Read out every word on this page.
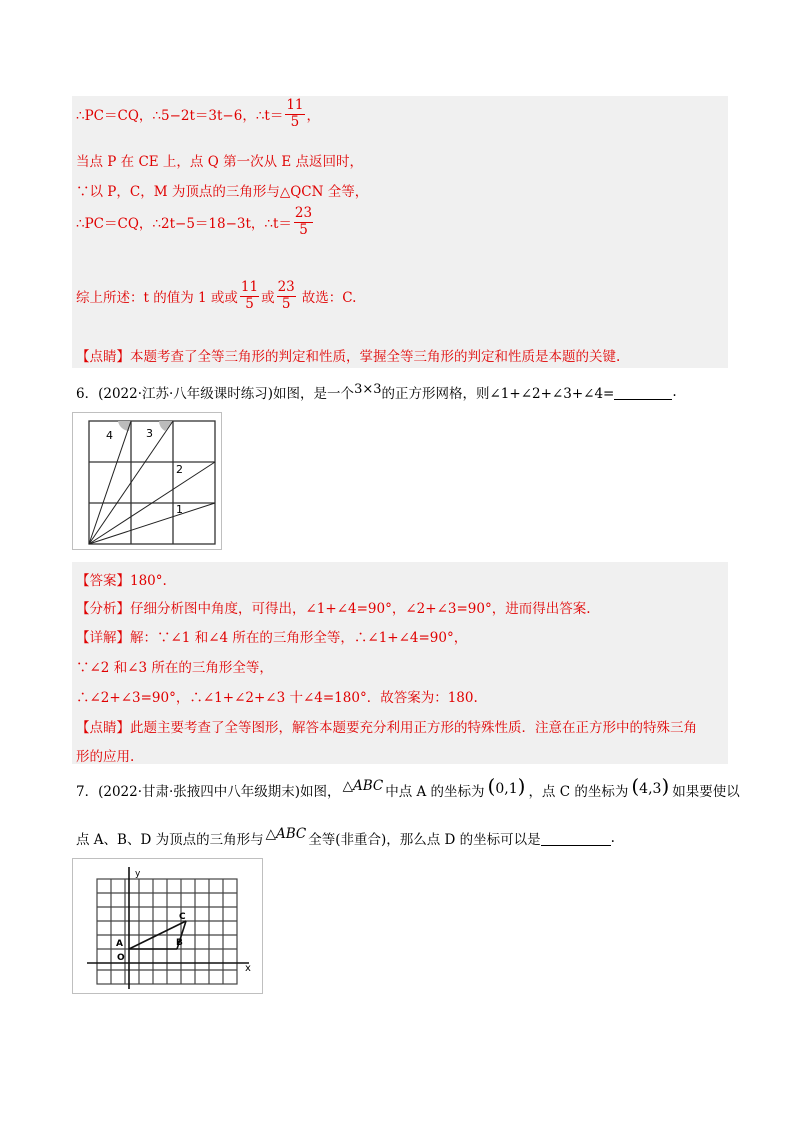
∴PC＝CQ，∴5−2t＝3t−6，∴t＝ $\frac{11}{5}$ ，
当点 P 在 CE 上，点 Q 第一次从 E 点返回时，
∵以 P，C，M 为顶点的三角形与△QCN 全等，
∴PC＝CQ，∴2t−5＝18−3t，∴t＝ $\frac{23}{5}$
综上所述：t 的值为 1 或或 $\frac{11}{5}$ 或 $\frac{23}{5}$ 故选：C.
【点睛】本题考查了全等三角形的判定和性质，掌握全等三角形的判定和性质是本题的关键.
6．(2022·江苏·八年级课时练习)如图，是一个 3×3 的正方形网格，则∠1+∠2+∠3+∠4=	.
4	3
2
1
【答案】180°.
【分析】仔细分析图中角度，可得出，∠1+∠4=90°，∠2+∠3=90°，进而得出答案.
【详解】解：∵∠1 和∠4 所在的三角形全等，∴∠1+∠4=90°，
∵∠2 和∠3 所在的三角形全等，
∴∠2+∠3=90°，∴∠1+∠2+∠3 十∠4=180°．故答案为：180.
【点睛】此题主要考查了全等图形，解答本题要充分利用正方形的特殊性质．注意在正方形中的特殊三角
形的应用.
7．(2022·甘肃·张掖四中八年级期末)如图， △ABC 中点 A 的坐标为 (0,1) ，点 C 的坐标为 (4,3) 如果要使以
点 A、B、D 为顶点的三角形与 △ABC 全等(非重合)，那么点 D 的坐标可以是	.
y
x
A	B
C
O
